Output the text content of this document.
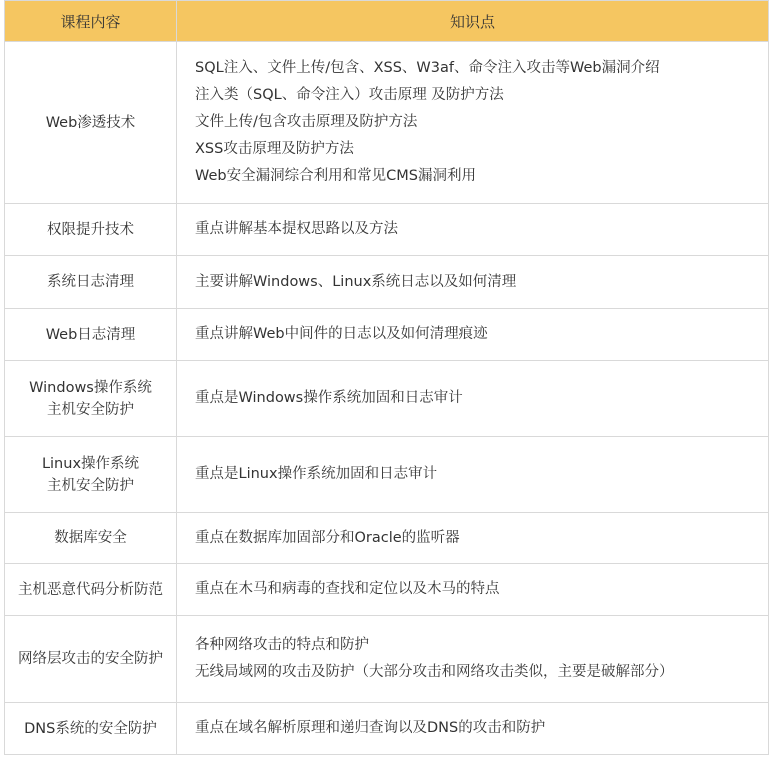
课程内容	知识点

Web渗透技术	SQL注入、文件上传/包含、XSS、W3af、命令注入攻击等Web漏洞介绍
注入类（SQL、命令注入）攻击原理 及防护方法
文件上传/包含攻击原理及防护方法
XSS攻击原理及防护方法
Web安全漏洞综合利用和常见CMS漏洞利用

权限提升技术	重点讲解基本提权思路以及方法

系统日志清理	主要讲解Windows、Linux系统日志以及如何清理

Web日志清理	重点讲解Web中间件的日志以及如何清理痕迹

Windows操作系统
主机安全防护	重点是Windows操作系统加固和日志审计

Linux操作系统
主机安全防护	重点是Linux操作系统加固和日志审计

数据库安全	重点在数据库加固部分和Oracle的监听器

主机恶意代码分析防范	重点在木马和病毒的查找和定位以及木马的特点

网络层攻击的安全防护	各种网络攻击的特点和防护
无线局域网的攻击及防护（大部分攻击和网络攻击类似，主要是破解部分）

DNS系统的安全防护	重点在域名解析原理和递归查询以及DNS的攻击和防护
